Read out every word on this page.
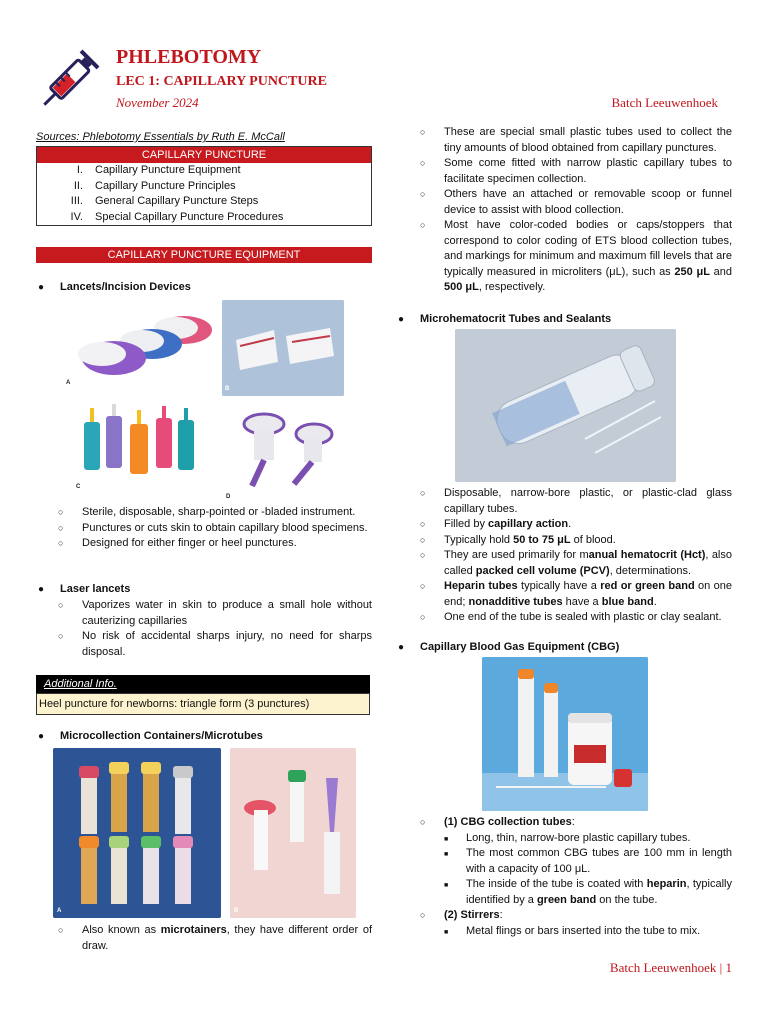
PHLEBOTOMY
LEC 1: CAPILLARY PUNCTURE
November 2024	Batch Leeuwenhoek
Sources: Phlebotomy Essentials by Ruth E. McCall
CAPILLARY PUNCTURE
I.	Capillary Puncture Equipment
II.	Capillary Puncture Principles
III.	General Capillary Puncture Steps
IV.	Special Capillary Puncture Procedures
CAPILLARY PUNCTURE EQUIPMENT
● Lancets/Incision Devices
A
B
C
D
○ Sterile, disposable, sharp-pointed or -bladed instrument.
○ Punctures or cuts skin to obtain capillary blood specimens.
○ Designed for either finger or heel punctures.
● Laser lancets
○ Vaporizes water in skin to produce a small hole without cauterizing capillaries
○ No risk of accidental sharps injury, no need for sharps disposal.
Additional Info.
Heel puncture for newborns: triangle form (3 punctures)
● Microcollection Containers/Microtubes
A	B
○ Also known as microtainers, they have different order of draw.
○ These are special small plastic tubes used to collect the tiny amounts of blood obtained from capillary punctures.
○ Some come fitted with narrow plastic capillary tubes to facilitate specimen collection.
○ Others have an attached or removable scoop or funnel device to assist with blood collection.
○ Most have color-coded bodies or caps/stoppers that correspond to color coding of ETS blood collection tubes, and markings for minimum and maximum fill levels that are typically measured in microliters (μL), such as 250 μL and 500 μL, respectively.
● Microhematocrit Tubes and Sealants
○ Disposable, narrow-bore plastic, or plastic-clad glass capillary tubes.
○ Filled by capillary action.
○ Typically hold 50 to 75 μL of blood.
○ They are used primarily for manual hematocrit (Hct), also called packed cell volume (PCV), determinations.
○ Heparin tubes typically have a red or green band on one end; nonadditive tubes have a blue band.
○ One end of the tube is sealed with plastic or clay sealant.
● Capillary Blood Gas Equipment (CBG)
○ (1) CBG collection tubes:
■ Long, thin, narrow-bore plastic capillary tubes.
■ The most common CBG tubes are 100 mm in length with a capacity of 100 μL.
■ The inside of the tube is coated with heparin, typically identified by a green band on the tube.
○ (2) Stirrers:
■ Metal flings or bars inserted into the tube to mix.
Batch Leeuwenhoek | 1
